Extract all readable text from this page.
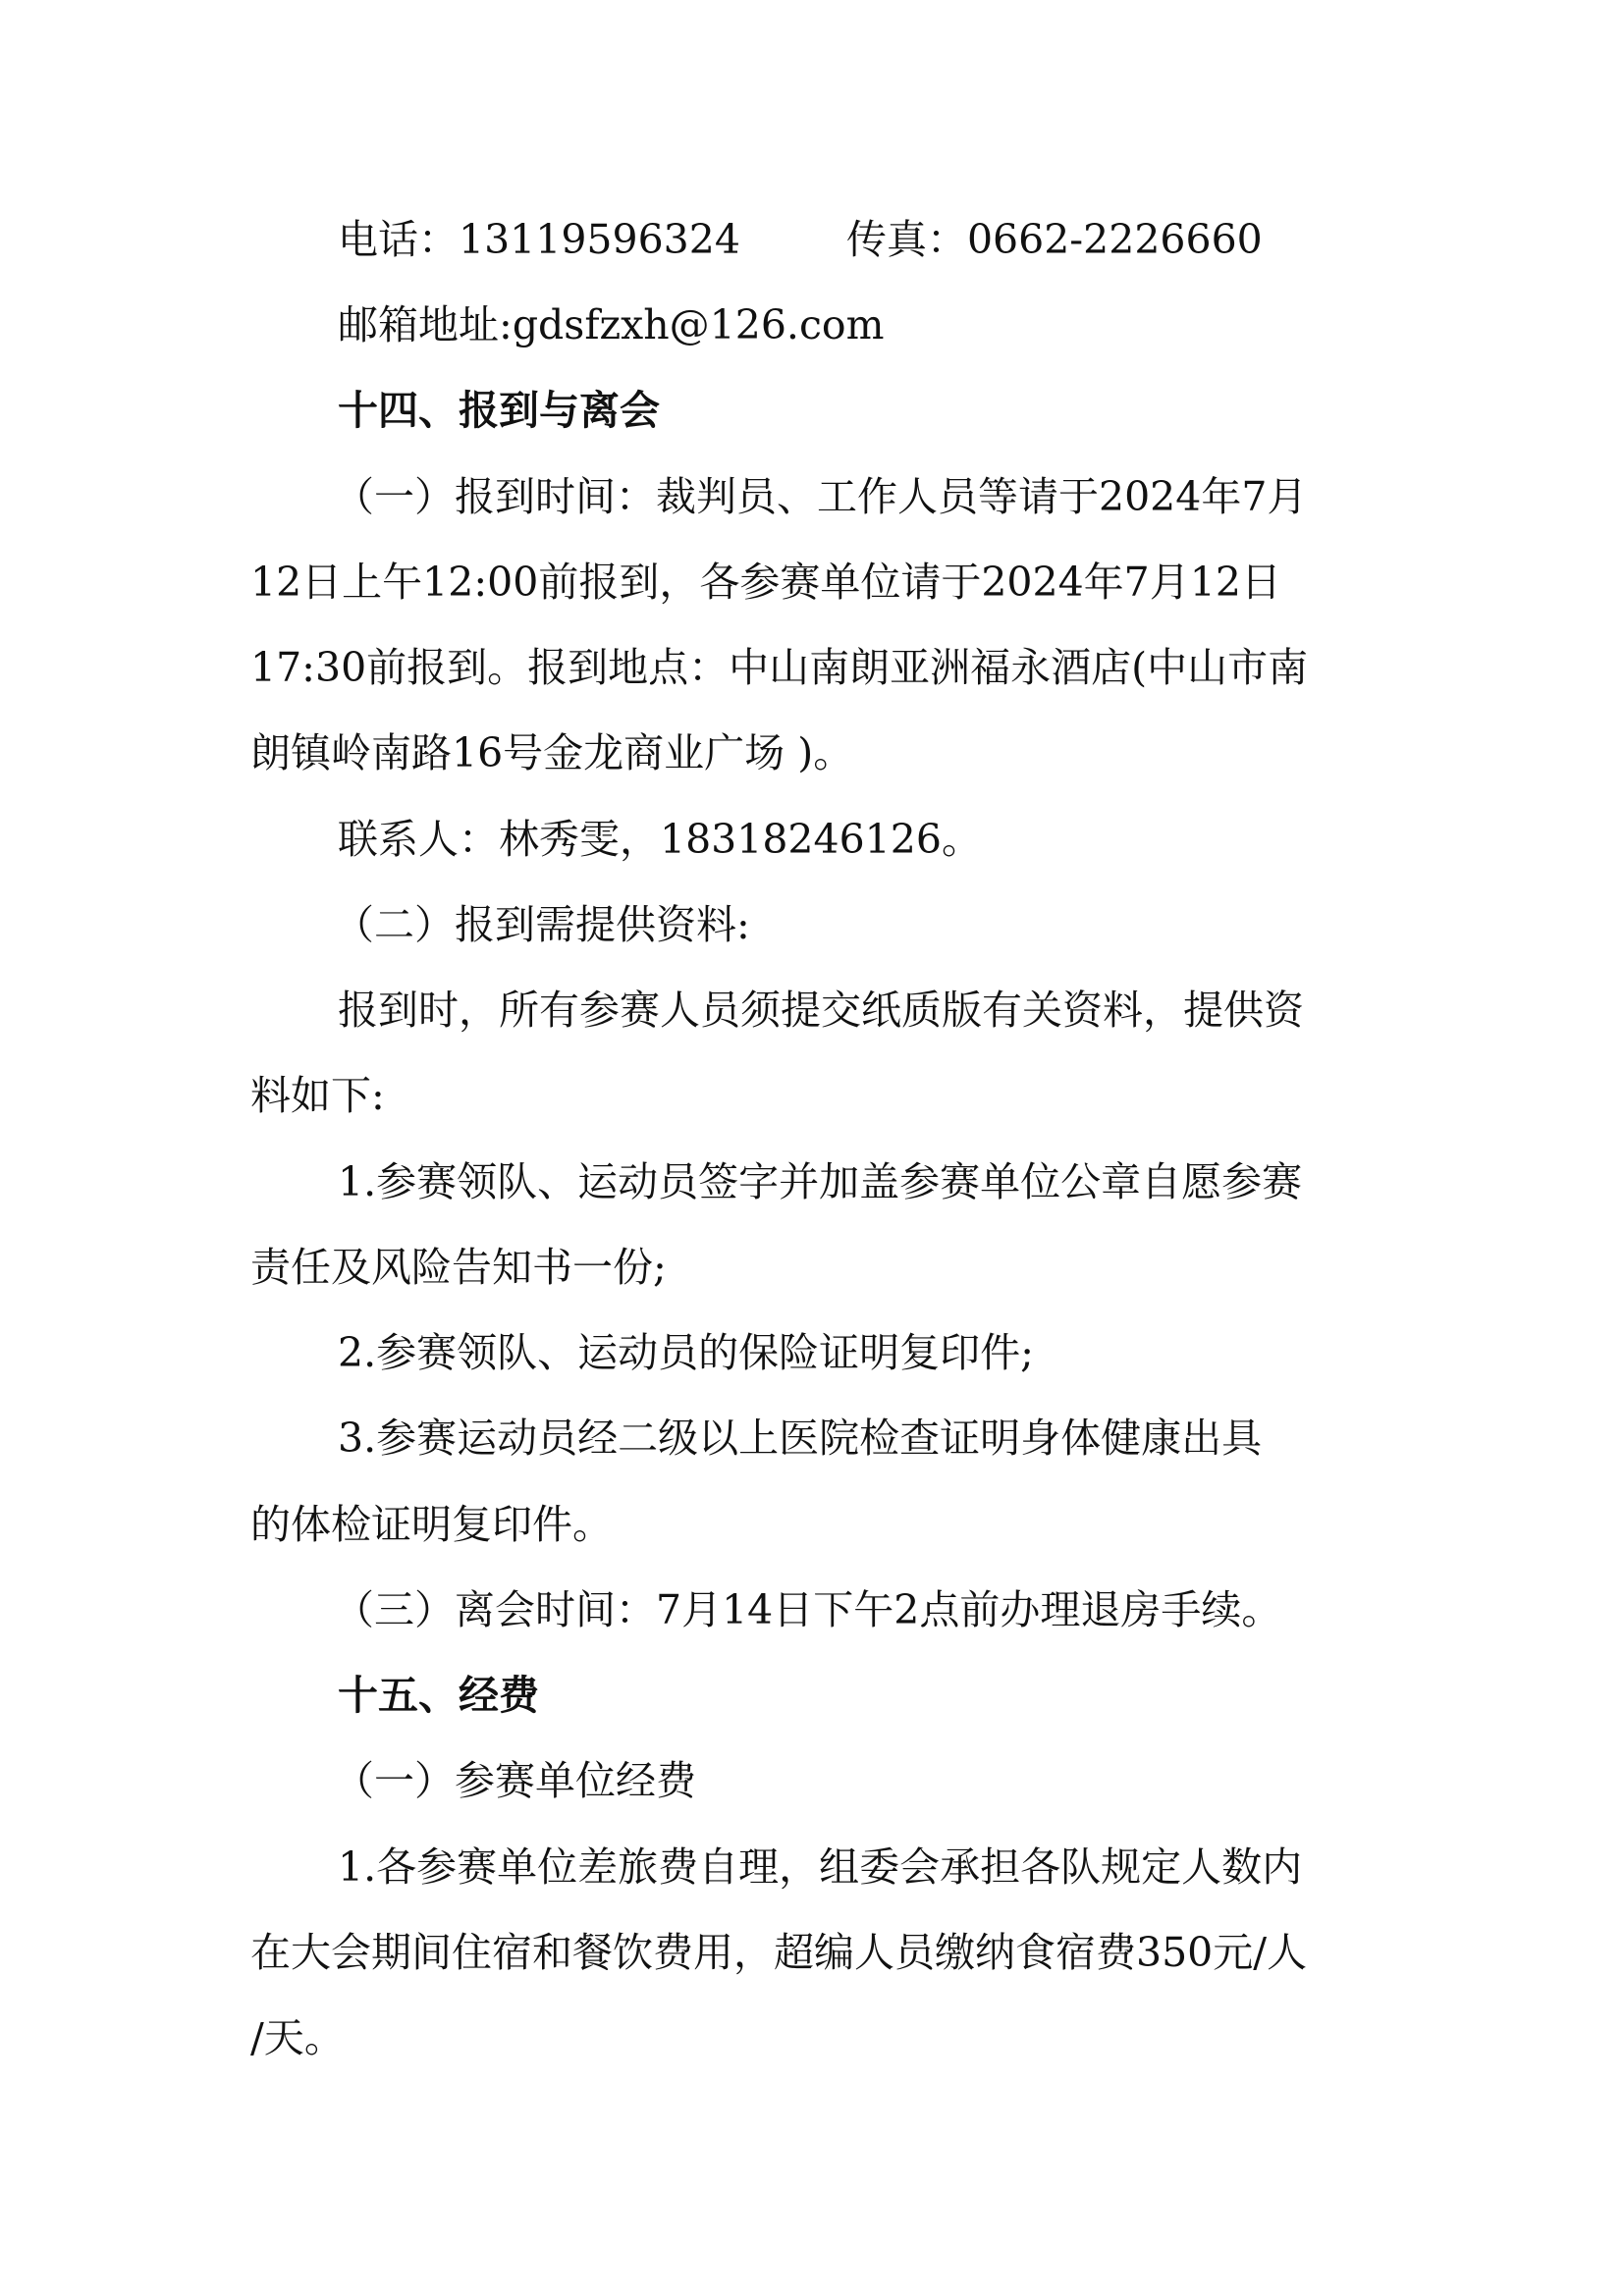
电话：13119596324	传真：0662-2226660

邮箱地址:gdsfzxh@126.com

十四、报到与离会

（一）报到时间：裁判员、工作人员等请于2024年7月

12日上午12:00前报到，各参赛单位请于2024年7月12日

17:30前报到。报到地点：中山南朗亚洲福永酒店(中山市南

朗镇岭南路16号金龙商业广场 )。

联系人：林秀雯，18318246126。

（二）报到需提供资料:

报到时，所有参赛人员须提交纸质版有关资料，提供资

料如下:

1.参赛领队、运动员签字并加盖参赛单位公章自愿参赛

责任及风险告知书一份;

2.参赛领队、运动员的保险证明复印件;

3.参赛运动员经二级以上医院检查证明身体健康出具

的体检证明复印件。

（三）离会时间：7月14日下午2点前办理退房手续。

十五、经费

（一）参赛单位经费

1.各参赛单位差旅费自理，组委会承担各队规定人数内

在大会期间住宿和餐饮费用，超编人员缴纳食宿费350元/人

/天。
